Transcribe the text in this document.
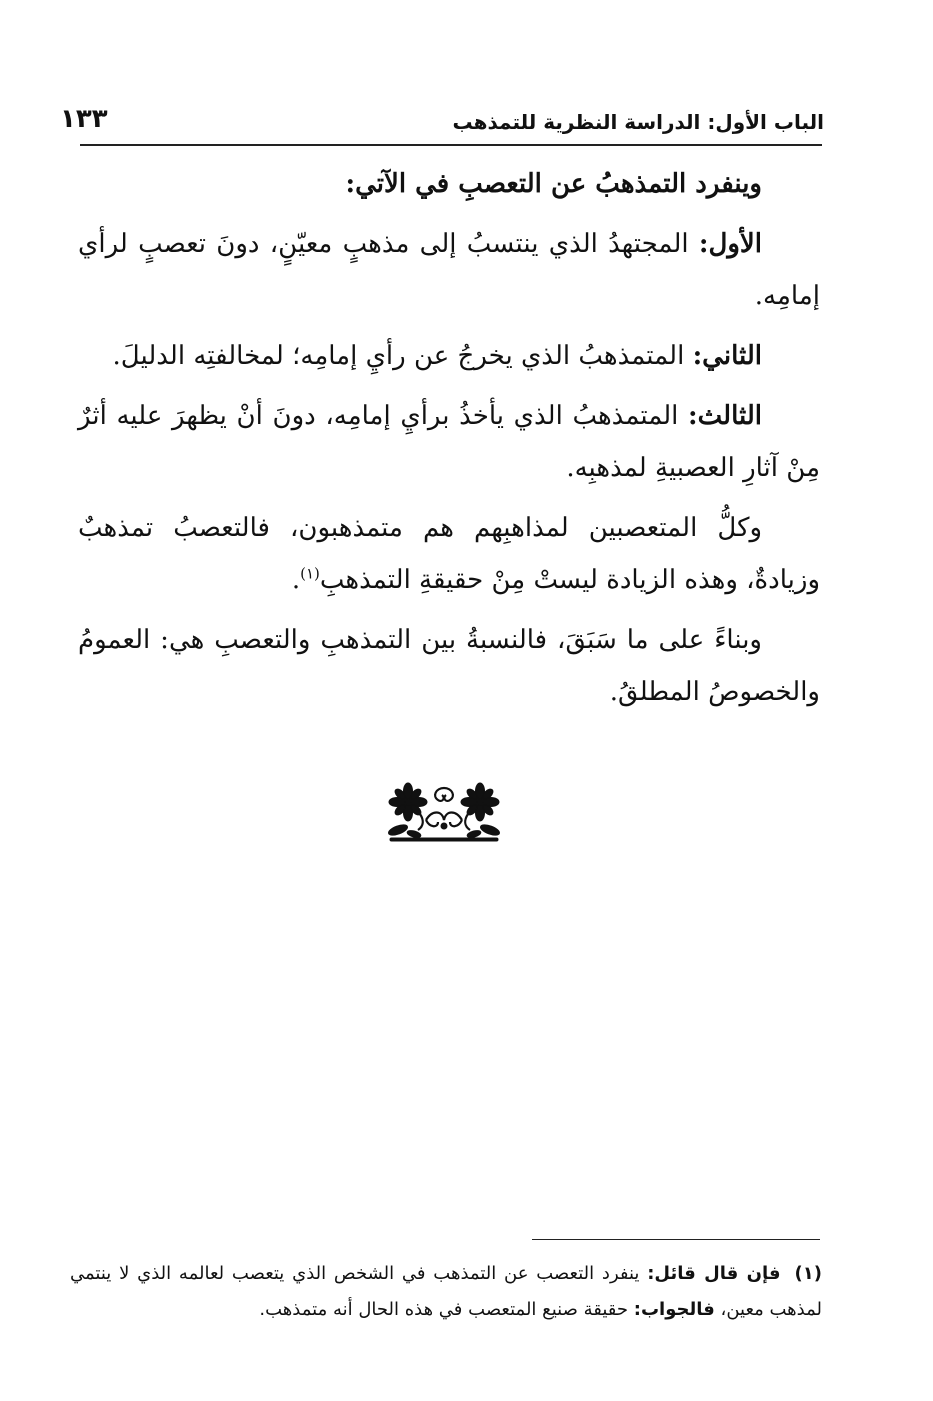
الباب الأول: الدراسة النظرية للتمذهب
١٣٣

وينفرد التمذهبُ عن التعصبِ في الآتي:

الأول: المجتهدُ الذي ينتسبُ إلى مذهبٍ معيّنٍ، دونَ تعصبٍ لرأي إمامِه.

الثاني: المتمذهبُ الذي يخرجُ عن رأيِ إمامِه؛ لمخالفتِه الدليلَ.

الثالث: المتمذهبُ الذي يأخذُ برأيِ إمامِه، دونَ أنْ يظهرَ عليه أثرٌ مِنْ آثارِ العصبيةِ لمذهبِه.

وكلُّ المتعصبين لمذاهبِهم هم متمذهبون، فالتعصبُ تمذهبٌ وزيادةٌ، وهذه الزيادة ليستْ مِنْ حقيقةِ التمذهبِ$^{(١)}$.

وبناءً على ما سَبَقَ، فالنسبةُ بين التمذهبِ والتعصبِ هي: العمومُ والخصوصُ المطلقُ.

(١)فإن قال قائل: ينفرد التعصب عن التمذهب في الشخص الذي يتعصب لعالمه الذي لا ينتمي لمذهب معين، فالجواب: حقيقة صنيع المتعصب في هذه الحال أنه متمذهب.
